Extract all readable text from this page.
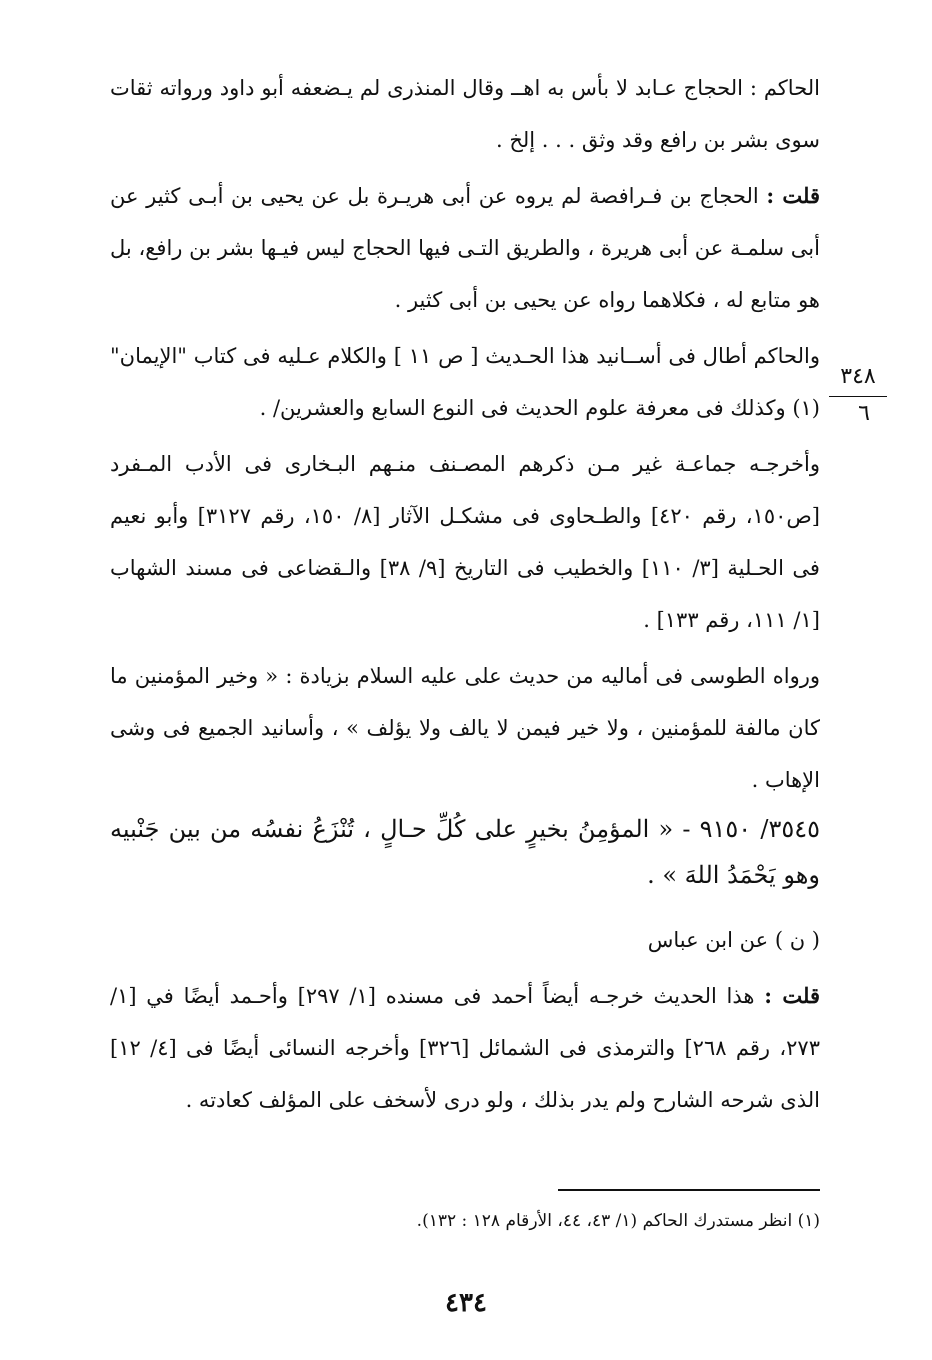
الحاكم : الحجاج عـابد لا بأس به اهــ وقال المنذرى لم يـضعفه أبو داود ورواته ثقات سوى بشر بن رافع وقد وثق . . . إلخ .

قلت : الحجاج بن فـرافصة لم يروه عن أبى هريـرة بل عن يحيى بن أبـى كثير عن أبى سلمـة عن أبى هريرة ، والطريق التـى فيها الحجاج ليس فيـها بشر بن رافع، بل هو متابع له ، فكلاهما رواه عن يحيى بن أبى كثير .

والحاكم أطال فى أســانيد هذا الحـديث [ ص ١١ ] والكلام عـليه فى كتاب "الإيمان"(١) وكذلك فى معرفة علوم الحديث فى النوع السابع والعشرين/ .

وأخرجـه جماعـة غير مـن ذكرهم المصـنف منـهم البـخارى فى الأدب المـفرد [ص١٥٠، رقم ٤٢٠] والطـحاوى فى مشكـل الآثار [٨/ ١٥٠، رقم ٣١٢٧] وأبو نعيم فى الحـلية [٣/ ١١٠] والخطيب فى التاريخ [٩/ ٣٨] والـقضاعى فى مسند الشهاب [١/ ١١١، رقم ١٣٣] .

ورواه الطوسى فى أماليه من حديث على عليه السلام بزيادة : « وخير المؤمنين ما كان مالفة للمؤمنين ، ولا خير فيمن لا يالف ولا يؤلف » ، وأسانيد الجميع فى وشى الإهاب .

٣٥٤٥/ ٩١٥٠ - « المؤمِنُ بخيرٍ على كُلِّ حـالٍ ، تُنْزَعُ نفسُه من بين جَنْبيه وهو يَحْمَدُ اللهَ » .

( ن ) عن ابن عباس

قلت : هذا الحديث خرجـه أيضاً أحمد فى مسنده [١/ ٢٩٧] وأحـمد أيضًا في [١/ ٢٧٣، رقم ٢٦٨] والترمذى فى الشمائل [٣٢٦] وأخرجه النسائى أيضًا فى [٤/ ١٢] الذى شرحه الشارح ولم يدر بذلك ، ولو درى لأسخف على المؤلف كعادته .

٣٤٨
٦
(١) انظر مستدرك الحاكم (١/ ٤٣، ٤٤، الأرقام ١٢٨ : ١٣٢).
٤٣٤
